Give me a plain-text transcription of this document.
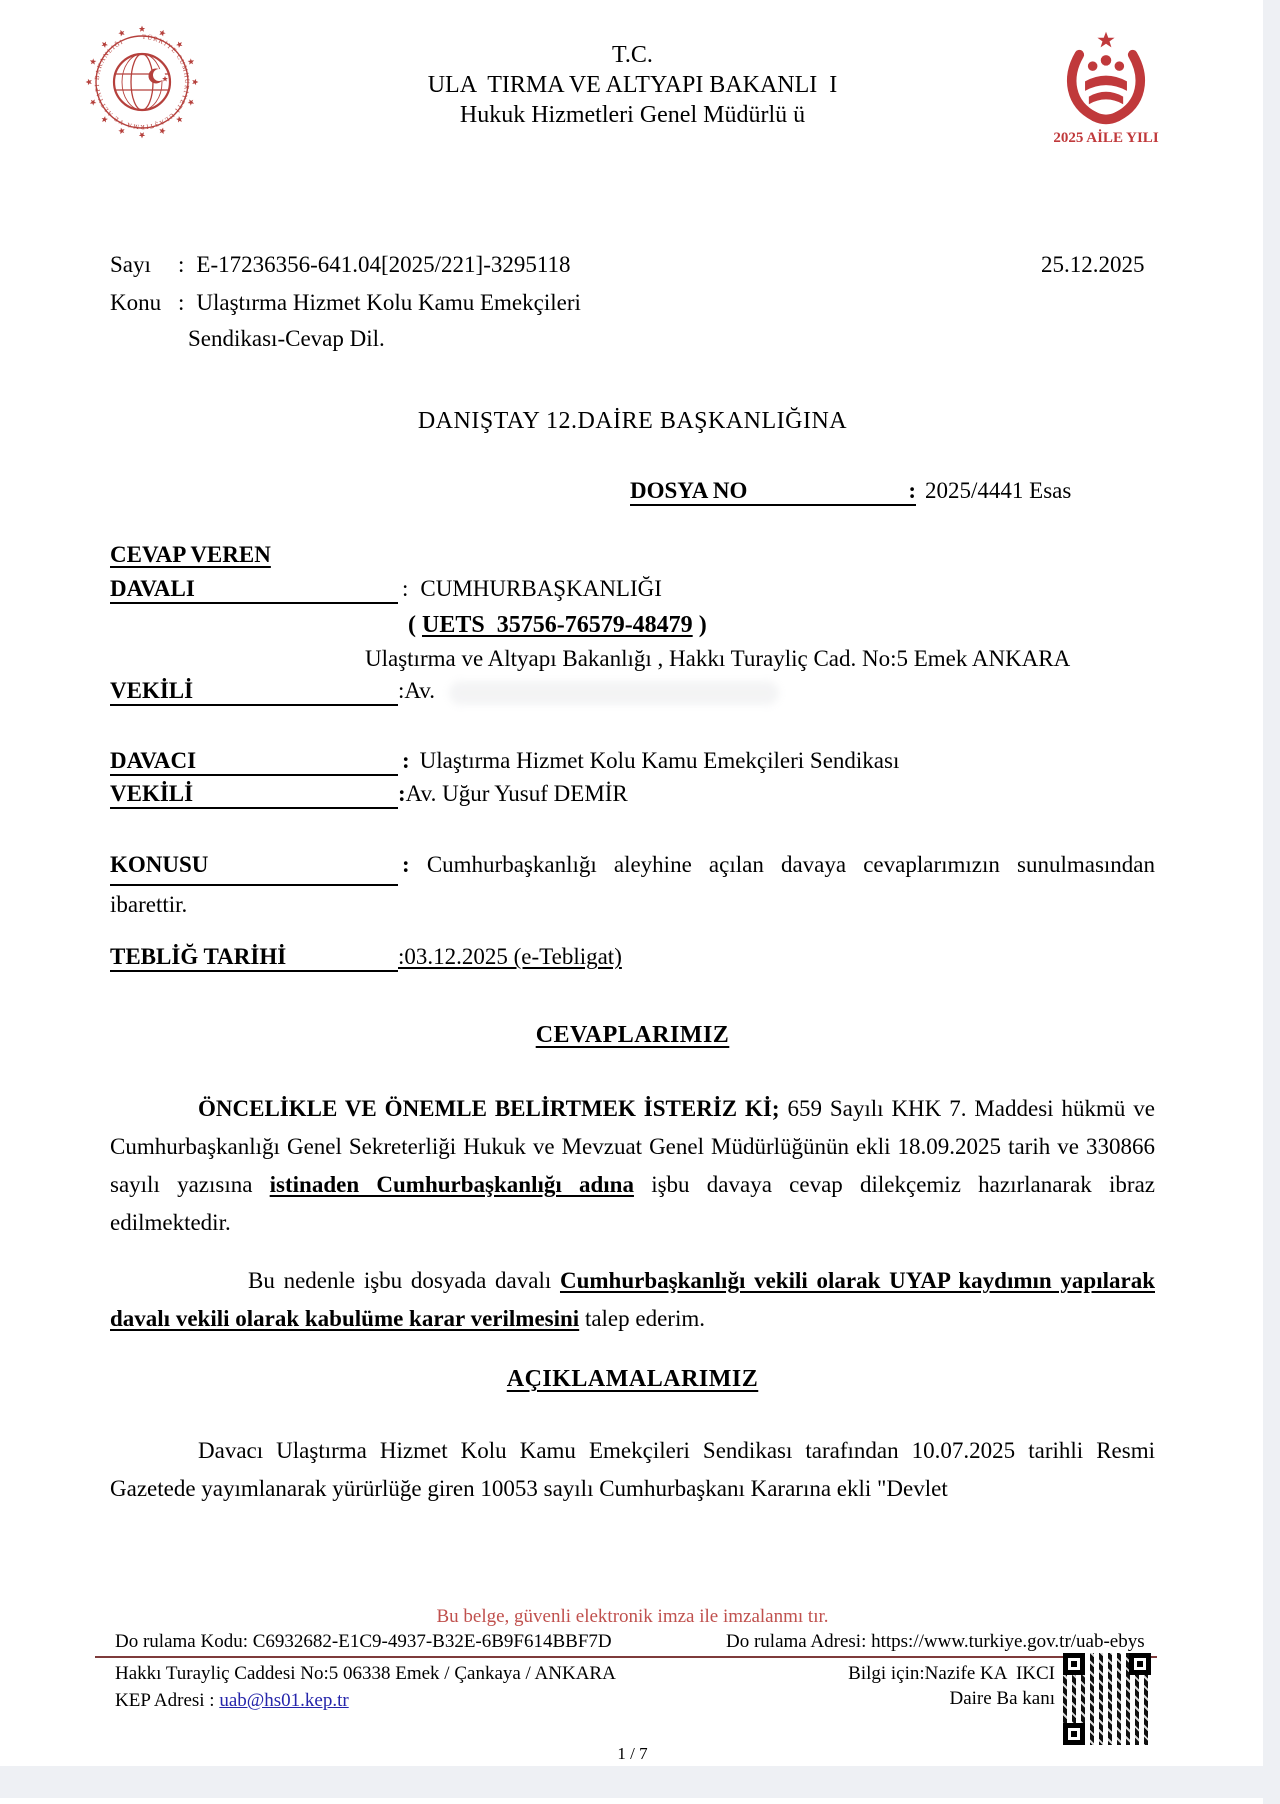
TÜRKİYE CUMHURİYETİ ULAŞTIRMA VE ALTYAPI BAKANLIĞI	T.C.
ULA  TIRMA VE ALTYAPI BAKANLI  I
Hukuk Hizmetleri Genel Müdürlü ü
2025 AİLE YILI
Sayı : E-17236356-641.04[2025/221]-3295118	25.12.2025
Konu : Ulaştırma Hizmet Kolu Kamu Emekçileri
Sendikası-Cevap Dil.
DANIŞTAY 12.DAİRE BAŞKANLIĞINA
DOSYA NO	: 2025/4441 Esas
CEVAP VEREN
DAVALI	: CUMHURBAŞKANLIĞI
( UETS  35756-76579-48479 )
Ulaştırma ve Altyapı Bakanlığı , Hakkı Turayliç Cad. No:5 Emek ANKARA
VEKİLİ	:Av.
DAVACI	: Ulaştırma Hizmet Kolu Kamu Emekçileri Sendikası
VEKİLİ	:Av. Uğur Yusuf DEMİR
KONUSU	: Cumhurbaşkanlığı aleyhine açılan davaya cevaplarımızın sunulmasından ibarettir.
TEBLİĞ TARİHİ	:03.12.2025 (e-Tebligat)
CEVAPLARIMIZ
ÖNCELİKLE VE ÖNEMLE BELİRTMEK İSTERİZ Kİ; 659 Sayılı KHK 7. Maddesi hükmü ve Cumhurbaşkanlığı Genel Sekreterliği Hukuk ve Mevzuat Genel Müdürlüğünün ekli 18.09.2025 tarih ve 330866 sayılı yazısına istinaden Cumhurbaşkanlığı adına işbu davaya cevap dilekçemiz hazırlanarak ibraz edilmektedir.
Bu nedenle işbu dosyada davalı Cumhurbaşkanlığı vekili olarak UYAP kaydımın yapılarak davalı vekili olarak kabulüme karar verilmesini talep ederim.
AÇIKLAMALARIMIZ
Davacı Ulaştırma Hizmet Kolu Kamu Emekçileri Sendikası tarafından 10.07.2025 tarihli Resmi Gazetede yayımlanarak yürürlüğe giren 10053 sayılı Cumhurbaşkanı Kararına ekli "Devlet
Bu belge, güvenli elektronik imza ile imzalanmı tır.
Do rulama Kodu: C6932682-E1C9-4937-B32E-6B9F614BBF7D	Do rulama Adresi: https://www.turkiye.gov.tr/uab-ebys
Hakkı Turayliç Caddesi No:5 06338 Emek / Çankaya / ANKARA
KEP Adresi : uab@hs01.kep.tr
Bilgi için:Nazife KA  IKCI
Daire Ba kanı
1 / 7
